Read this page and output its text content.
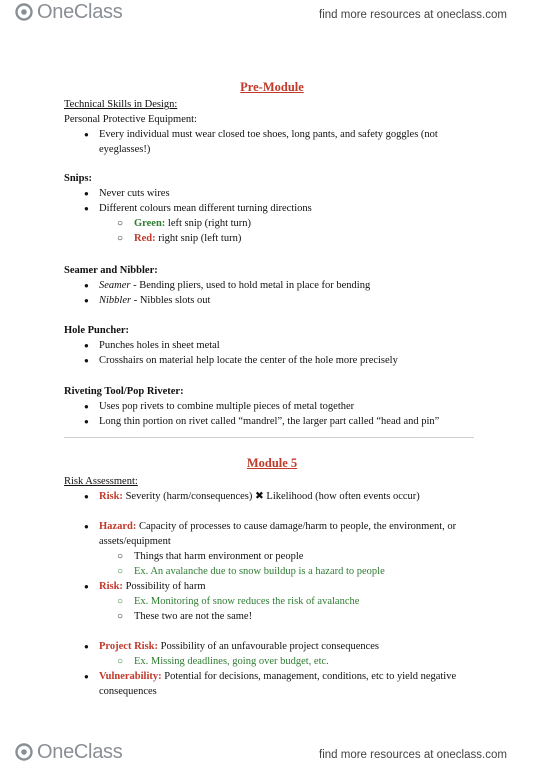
OneClass	find more resources at oneclass.com
Pre-Module
Technical Skills in Design:
Personal Protective Equipment:
● Every individual must wear closed toe shoes, long pants, and safety goggles (not
eyeglasses!)
Snips:
● Never cuts wires
● Different colours mean different turning directions
○ Green: left snip (right turn)
○ Red: right snip (left turn)
Seamer and Nibbler:
● Seamer - Bending pliers, used to hold metal in place for bending
● Nibbler - Nibbles slots out
Hole Puncher:
● Punches holes in sheet metal
● Crosshairs on material help locate the center of the hole more precisely
Riveting Tool/Pop Riveter:
● Uses pop rivets to combine multiple pieces of metal together
● Long thin portion on rivet called “mandrel”, the larger part called “head and pin”
Module 5
Risk Assessment:
● Risk: Severity (harm/consequences) ✖ Likelihood (how often events occur)
● Hazard: Capacity of processes to cause damage/harm to people, the environment, or
assets/equipment
○ Things that harm environment or people
○ Ex. An avalanche due to snow buildup is a hazard to people
● Risk: Possibility of harm
○ Ex. Monitoring of snow reduces the risk of avalanche
○ These two are not the same!
● Project Risk: Possibility of an unfavourable project consequences
○ Ex. Missing deadlines, going over budget, etc.
● Vulnerability: Potential for decisions, management, conditions, etc to yield negative
consequences
OneClass	find more resources at oneclass.com
